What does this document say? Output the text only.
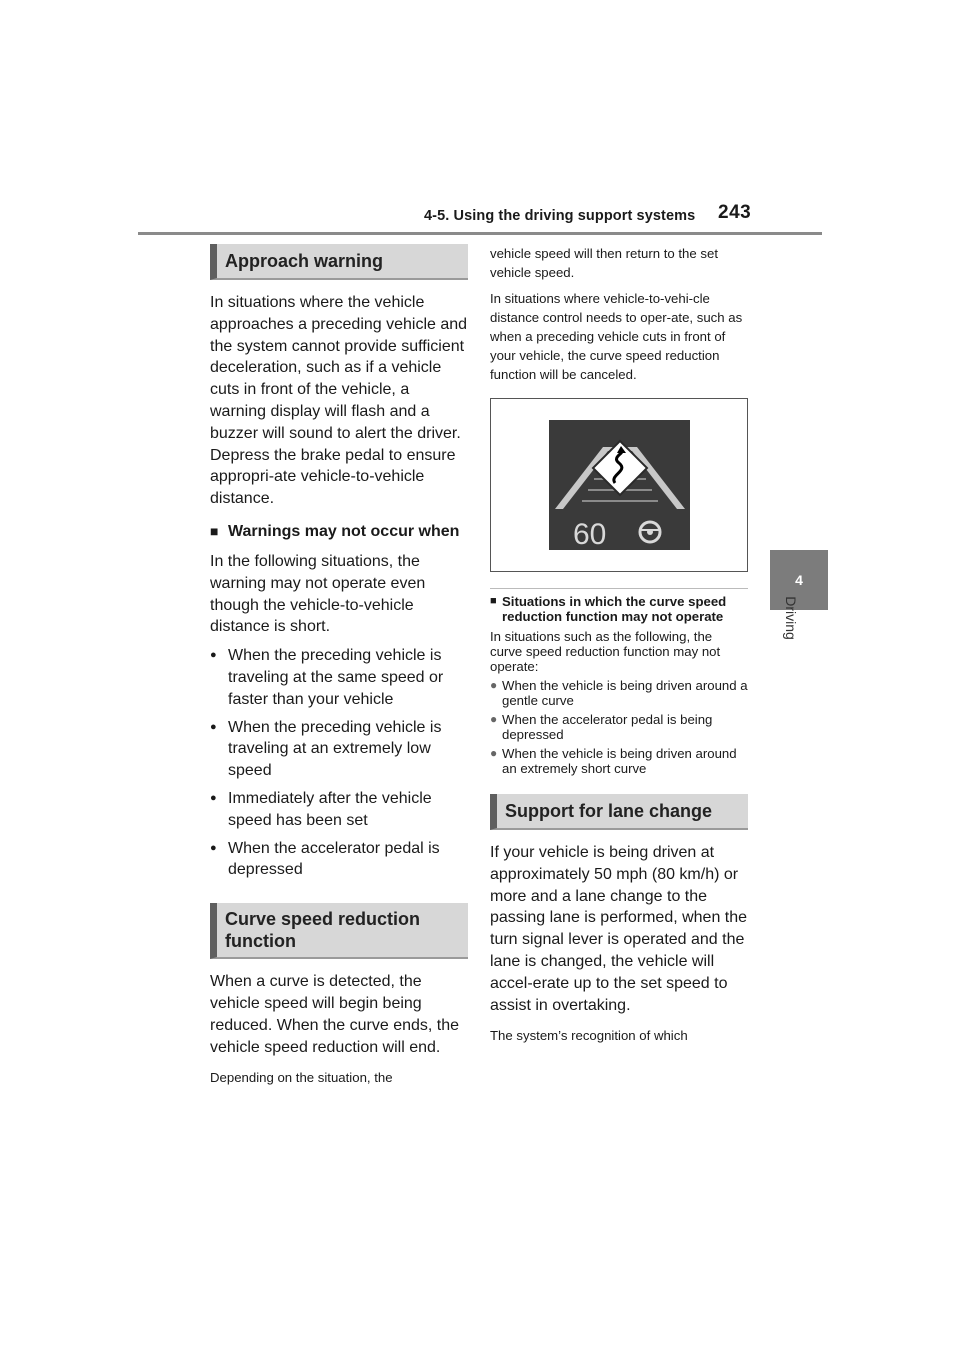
4-5. Using the driving support systems 243
4
Driving
Approach warning

In situations where the vehicle approaches a preceding vehicle and the system cannot provide sufficient deceleration, such as if a vehicle cuts in front of the vehicle, a warning display will flash and a buzzer will sound to alert the driver. Depress the brake pedal to ensure appropri-ate vehicle-to-vehicle distance.

■ Warnings may not occur when

In the following situations, the warning may not operate even though the vehicle-to-vehicle distance is short.

● When the preceding vehicle is traveling at the same speed or faster than your vehicle
● When the preceding vehicle is traveling at an extremely low speed
● Immediately after the vehicle speed has been set
● When the accelerator pedal is depressed
Curve speed reduction function

When a curve is detected, the vehicle speed will begin being reduced. When the curve ends, the vehicle speed reduction will end.

Depending on the situation, the

vehicle speed will then return to the set vehicle speed.

In situations where vehicle-to-vehi-cle distance control needs to oper-ate, such as when a preceding vehicle cuts in front of your vehicle, the curve speed reduction function will be canceled.

60
■ Situations in which the curve speed reduction function may not operate

In situations such as the following, the curve speed reduction function may not operate:

● When the vehicle is being driven around a gentle curve
● When the accelerator pedal is being depressed
● When the vehicle is being driven around an extremely short curve
Support for lane change

If your vehicle is being driven at approximately 50 mph (80 km/h) or more and a lane change to the passing lane is performed, when the turn signal lever is operated and the lane is changed, the vehicle will accel-erate up to the set speed to assist in overtaking.

The system’s recognition of which
